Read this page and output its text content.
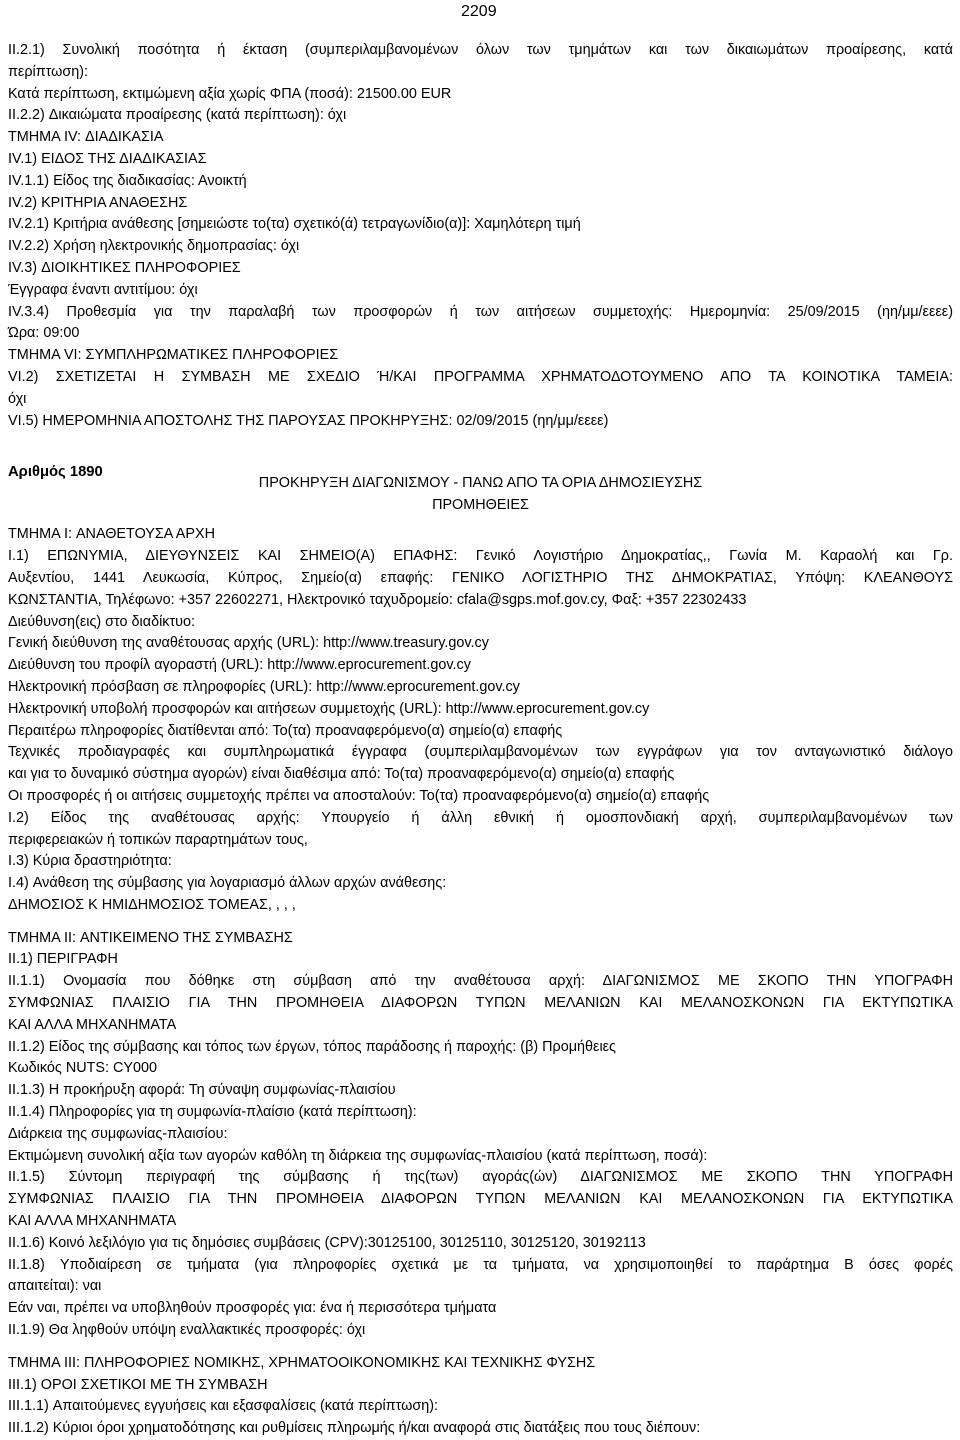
2209
II.2.1) Συνολική ποσότητα ή έκταση (συμπεριλαμβανομένων όλων των τμημάτων και των δικαιωμάτων προαίρεσης, κατά
περίπτωση):
Κατά περίπτωση, εκτιμώμενη αξία χωρίς ΦΠΑ (ποσά): 21500.00 EUR
II.2.2) Δικαιώματα προαίρεσης (κατά περίπτωση): όχι
ΤΜΗΜΑ IV: ΔΙΑΔΙΚΑΣΙΑ
IV.1) ΕΙΔΟΣ ΤΗΣ ΔΙΑΔΙΚΑΣΙΑΣ
IV.1.1) Είδος της διαδικασίας: Ανοικτή
IV.2) ΚΡΙΤΗΡΙΑ ΑΝΑΘΕΣΗΣ
IV.2.1) Κριτήρια ανάθεσης [σημειώστε το(τα) σχετικό(ά) τετραγωνίδιο(α)]: Χαμηλότερη τιμή
IV.2.2) Χρήση ηλεκτρονικής δημοπρασίας: όχι
IV.3) ΔΙΟΙΚΗΤΙΚΕΣ ΠΛΗΡΟΦΟΡΙΕΣ
Έγγραφα έναντι αντιτίμου: όχι
IV.3.4) Προθεσμία για την παραλαβή των προσφορών ή των αιτήσεων συμμετοχής: Ημερομηνία: 25/09/2015 (ηη/μμ/εεεε)
Ώρα: 09:00
ΤΜΗΜΑ VI: ΣΥΜΠΛΗΡΩΜΑΤΙΚΕΣ ΠΛΗΡΟΦΟΡΙΕΣ
VI.2) ΣΧΕΤΙΖΕΤΑΙ Η ΣΥΜΒΑΣΗ ΜΕ ΣΧΕΔΙΟ Ή/ΚΑΙ ΠΡΟΓΡΑΜΜΑ ΧΡΗΜΑΤΟΔΟΤΟΥΜΕΝΟ ΑΠΟ ΤΑ ΚΟΙΝΟΤΙΚΑ ΤΑΜΕΙΑ:
όχι
VI.5) ΗΜΕΡΟΜΗΝΙΑ ΑΠΟΣΤΟΛΗΣ ΤΗΣ ΠΑΡΟΥΣΑΣ ΠΡΟΚΗΡΥΞΗΣ: 02/09/2015 (ηη/μμ/εεεε)
Αριθμός 1890
ΠΡΟΚΗΡΥΞΗ ΔΙΑΓΩΝΙΣΜΟΥ - ΠΑΝΩ ΑΠΟ ΤΑ ΟΡΙΑ ΔΗΜΟΣΙΕΥΣΗΣ
ΠΡΟΜΗΘΕΙΕΣ
ΤΜΗΜΑ I: ΑΝΑΘΕΤΟΥΣΑ ΑΡΧΗ
I.1) ΕΠΩΝΥΜΙΑ, ΔΙΕΥΘΥΝΣΕΙΣ ΚΑΙ ΣΗΜΕΙΟ(Α) ΕΠΑΦΗΣ: Γενικό Λογιστήριο Δημοκρατίας,, Γωνία Μ. Καραολή και Γρ.
Αυξεντίου, 1441 Λευκωσία, Κύπρος, Σημείο(α) επαφής: ΓΕΝΙΚΟ ΛΟΓΙΣΤΗΡΙΟ ΤΗΣ ΔΗΜΟΚΡΑΤΙΑΣ, Υπόψη: ΚΛΕΑΝΘΟΥΣ
ΚΩΝΣΤΑΝΤΙΑ, Τηλέφωνο: +357 22602271, Ηλεκτρονικό ταχυδρομείο: cfala@sgps.mof.gov.cy, Φαξ: +357 22302433
Διεύθυνση(εις) στο διαδίκτυο:
Γενική διεύθυνση της αναθέτουσας αρχής (URL): http://www.treasury.gov.cy
Διεύθυνση του προφίλ αγοραστή (URL): http://www.eprocurement.gov.cy
Ηλεκτρονική πρόσβαση σε πληροφορίες (URL): http://www.eprocurement.gov.cy
Ηλεκτρονική υποβολή προσφορών και αιτήσεων συμμετοχής (URL): http://www.eprocurement.gov.cy
Περαιτέρω πληροφορίες διατίθενται από: Το(τα) προαναφερόμενο(α) σημείο(α) επαφής
Τεχνικές προδιαγραφές και συμπληρωματικά έγγραφα (συμπεριλαμβανομένων των εγγράφων για τον ανταγωνιστικό διάλογο
και για το δυναμικό σύστημα αγορών) είναι διαθέσιμα από: Το(τα) προαναφερόμενο(α) σημείο(α) επαφής
Οι προσφορές ή οι αιτήσεις συμμετοχής πρέπει να αποσταλούν: Το(τα) προαναφερόμενο(α) σημείο(α) επαφής
I.2) Είδος της αναθέτουσας αρχής: Υπουργείο ή άλλη εθνική ή ομοσπονδιακή αρχή, συμπεριλαμβανομένων των
περιφερειακών ή τοπικών παραρτημάτων τους,
I.3) Κύρια δραστηριότητα:
I.4) Ανάθεση της σύμβασης για λογαριασμό άλλων αρχών ανάθεσης:
ΔΗΜΟΣΙΟΣ Κ ΗΜΙΔΗΜΟΣΙΟΣ ΤΟΜΕΑΣ, , , ,
ΤΜΗΜΑ II: ΑΝΤΙΚΕΙΜΕΝΟ ΤΗΣ ΣΥΜΒΑΣΗΣ
II.1) ΠΕΡΙΓΡΑΦΗ
II.1.1) Ονομασία που δόθηκε στη σύμβαση από την αναθέτουσα αρχή: ΔΙΑΓΩΝΙΣΜΟΣ ΜΕ ΣΚΟΠΟ ΤΗΝ ΥΠΟΓΡΑΦΗ
ΣΥΜΦΩΝΙΑΣ ΠΛΑΙΣΙΟ ΓΙΑ ΤΗΝ ΠΡΟΜΗΘΕΙΑ ΔΙΑΦΟΡΩΝ ΤΥΠΩΝ ΜΕΛΑΝΙΩΝ ΚΑΙ ΜΕΛΑΝΟΣΚΟΝΩΝ ΓΙΑ ΕΚΤΥΠΩΤΙΚΑ
ΚΑΙ ΑΛΛΑ ΜΗΧΑΝΗΜΑΤΑ
II.1.2) Είδος της σύμβασης και τόπος των έργων, τόπος παράδοσης ή παροχής: (β) Προμήθειες
Κωδικός NUTS: CY000
II.1.3) Η προκήρυξη αφορά: Τη σύναψη συμφωνίας-πλαισίου
II.1.4) Πληροφορίες για τη συμφωνία-πλαίσιο (κατά περίπτωση):
Διάρκεια της συμφωνίας-πλαισίου:
Εκτιμώμενη συνολική αξία των αγορών καθόλη τη διάρκεια της συμφωνίας-πλαισίου (κατά περίπτωση, ποσά):
II.1.5) Σύντομη περιγραφή της σύμβασης ή της(των) αγοράς(ών) ΔΙΑΓΩΝΙΣΜΟΣ ΜΕ ΣΚΟΠΟ ΤΗΝ ΥΠΟΓΡΑΦΗ
ΣΥΜΦΩΝΙΑΣ ΠΛΑΙΣΙΟ ΓΙΑ ΤΗΝ ΠΡΟΜΗΘΕΙΑ ΔΙΑΦΟΡΩΝ ΤΥΠΩΝ ΜΕΛΑΝΙΩΝ ΚΑΙ ΜΕΛΑΝΟΣΚΟΝΩΝ ΓΙΑ ΕΚΤΥΠΩΤΙΚΑ
ΚΑΙ ΑΛΛΑ ΜΗΧΑΝΗΜΑΤΑ
II.1.6) Κοινό λεξιλόγιο για τις δημόσιες συμβάσεις (CPV):30125100, 30125110, 30125120, 30192113
II.1.8) Υποδιαίρεση σε τμήματα (για πληροφορίες σχετικά με τα τμήματα, να χρησιμοποιηθεί το παράρτημα Β όσες φορές
απαιτείται): ναι
Εάν ναι, πρέπει να υποβληθούν προσφορές για: ένα ή περισσότερα τμήματα
II.1.9) Θα ληφθούν υπόψη εναλλακτικές προσφορές: όχι
ΤΜΗΜΑ III: ΠΛΗΡΟΦΟΡΙΕΣ ΝΟΜΙΚΗΣ, ΧΡΗΜΑΤΟΟΙΚΟΝΟΜΙΚΗΣ ΚΑΙ ΤΕΧΝΙΚΗΣ ΦΥΣΗΣ
III.1) ΟΡΟΙ ΣΧΕΤΙΚΟΙ ΜΕ ΤΗ ΣΥΜΒΑΣΗ
III.1.1) Απαιτούμενες εγγυήσεις και εξασφαλίσεις (κατά περίπτωση):
III.1.2) Κύριοι όροι χρηματοδότησης και ρυθμίσεις πληρωμής ή/και αναφορά στις διατάξεις που τους διέπουν:
